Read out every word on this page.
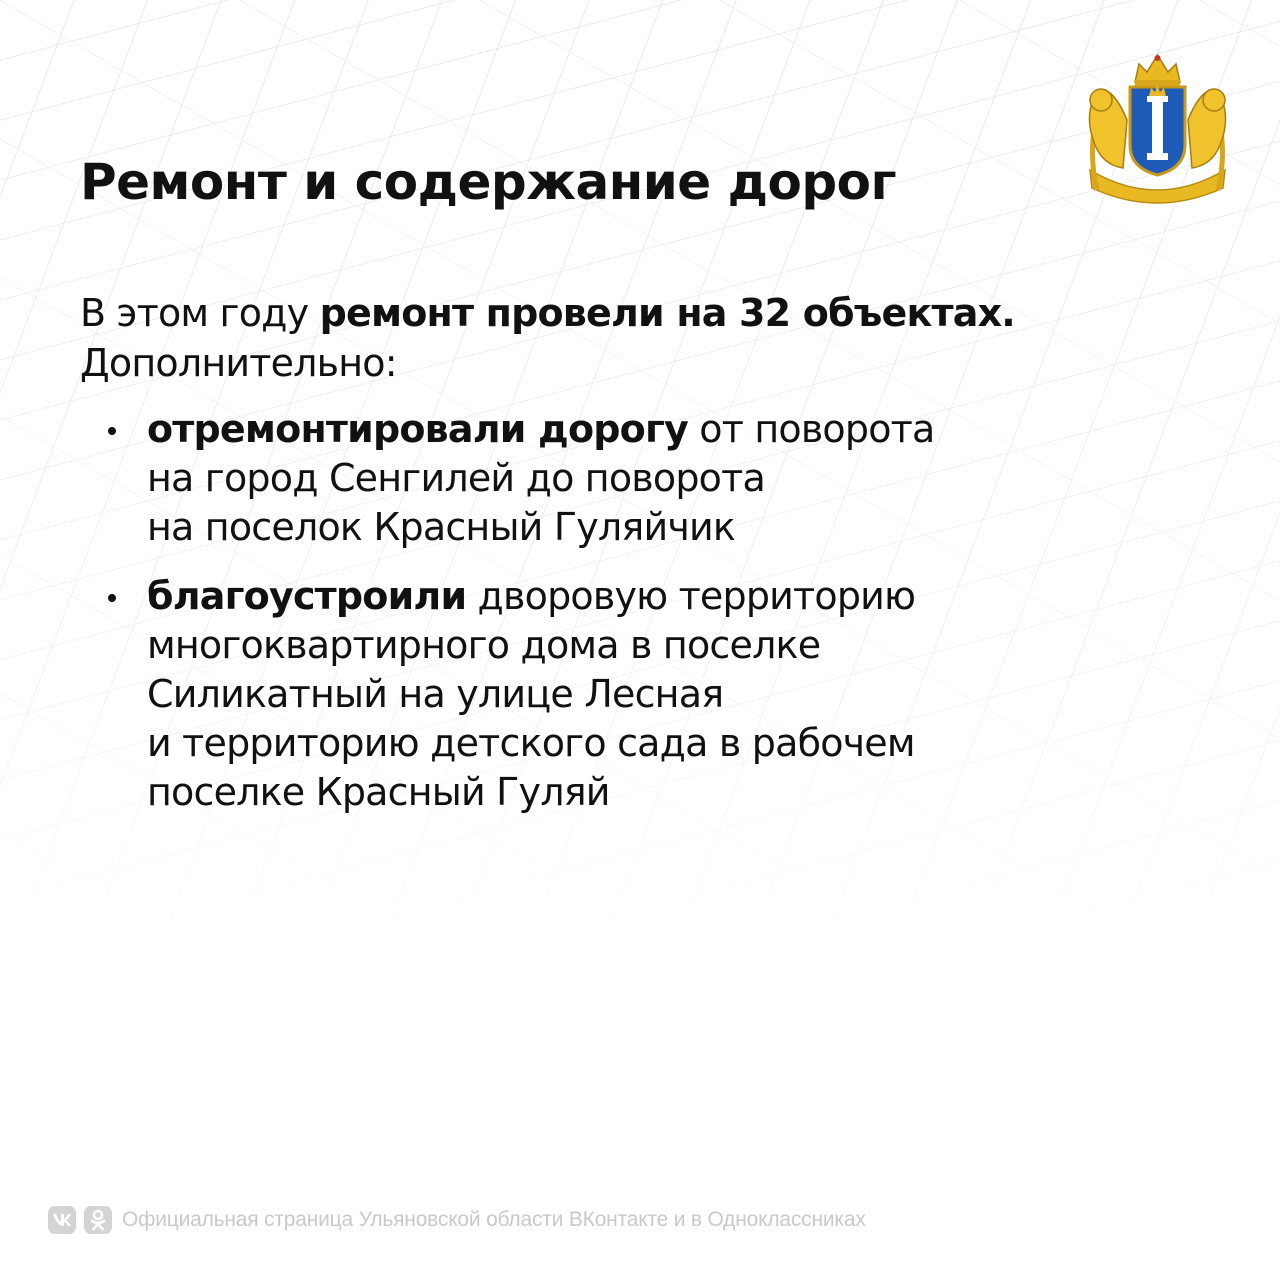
Ремонт и содержание дорог
В этом году ремонт провели на 32 объектах.
Дополнительно:
отремонтировали дорогу от поворота
на город Сенгилей до поворота
на поселок Красный Гуляйчик
благоустроили дворовую территорию
многоквартирного дома в поселке
Силикатный на улице Лесная
и территорию детского сада в рабочем
поселке Красный Гуляй
Официальная страница Ульяновской области ВКонтакте и в Одноклассниках
